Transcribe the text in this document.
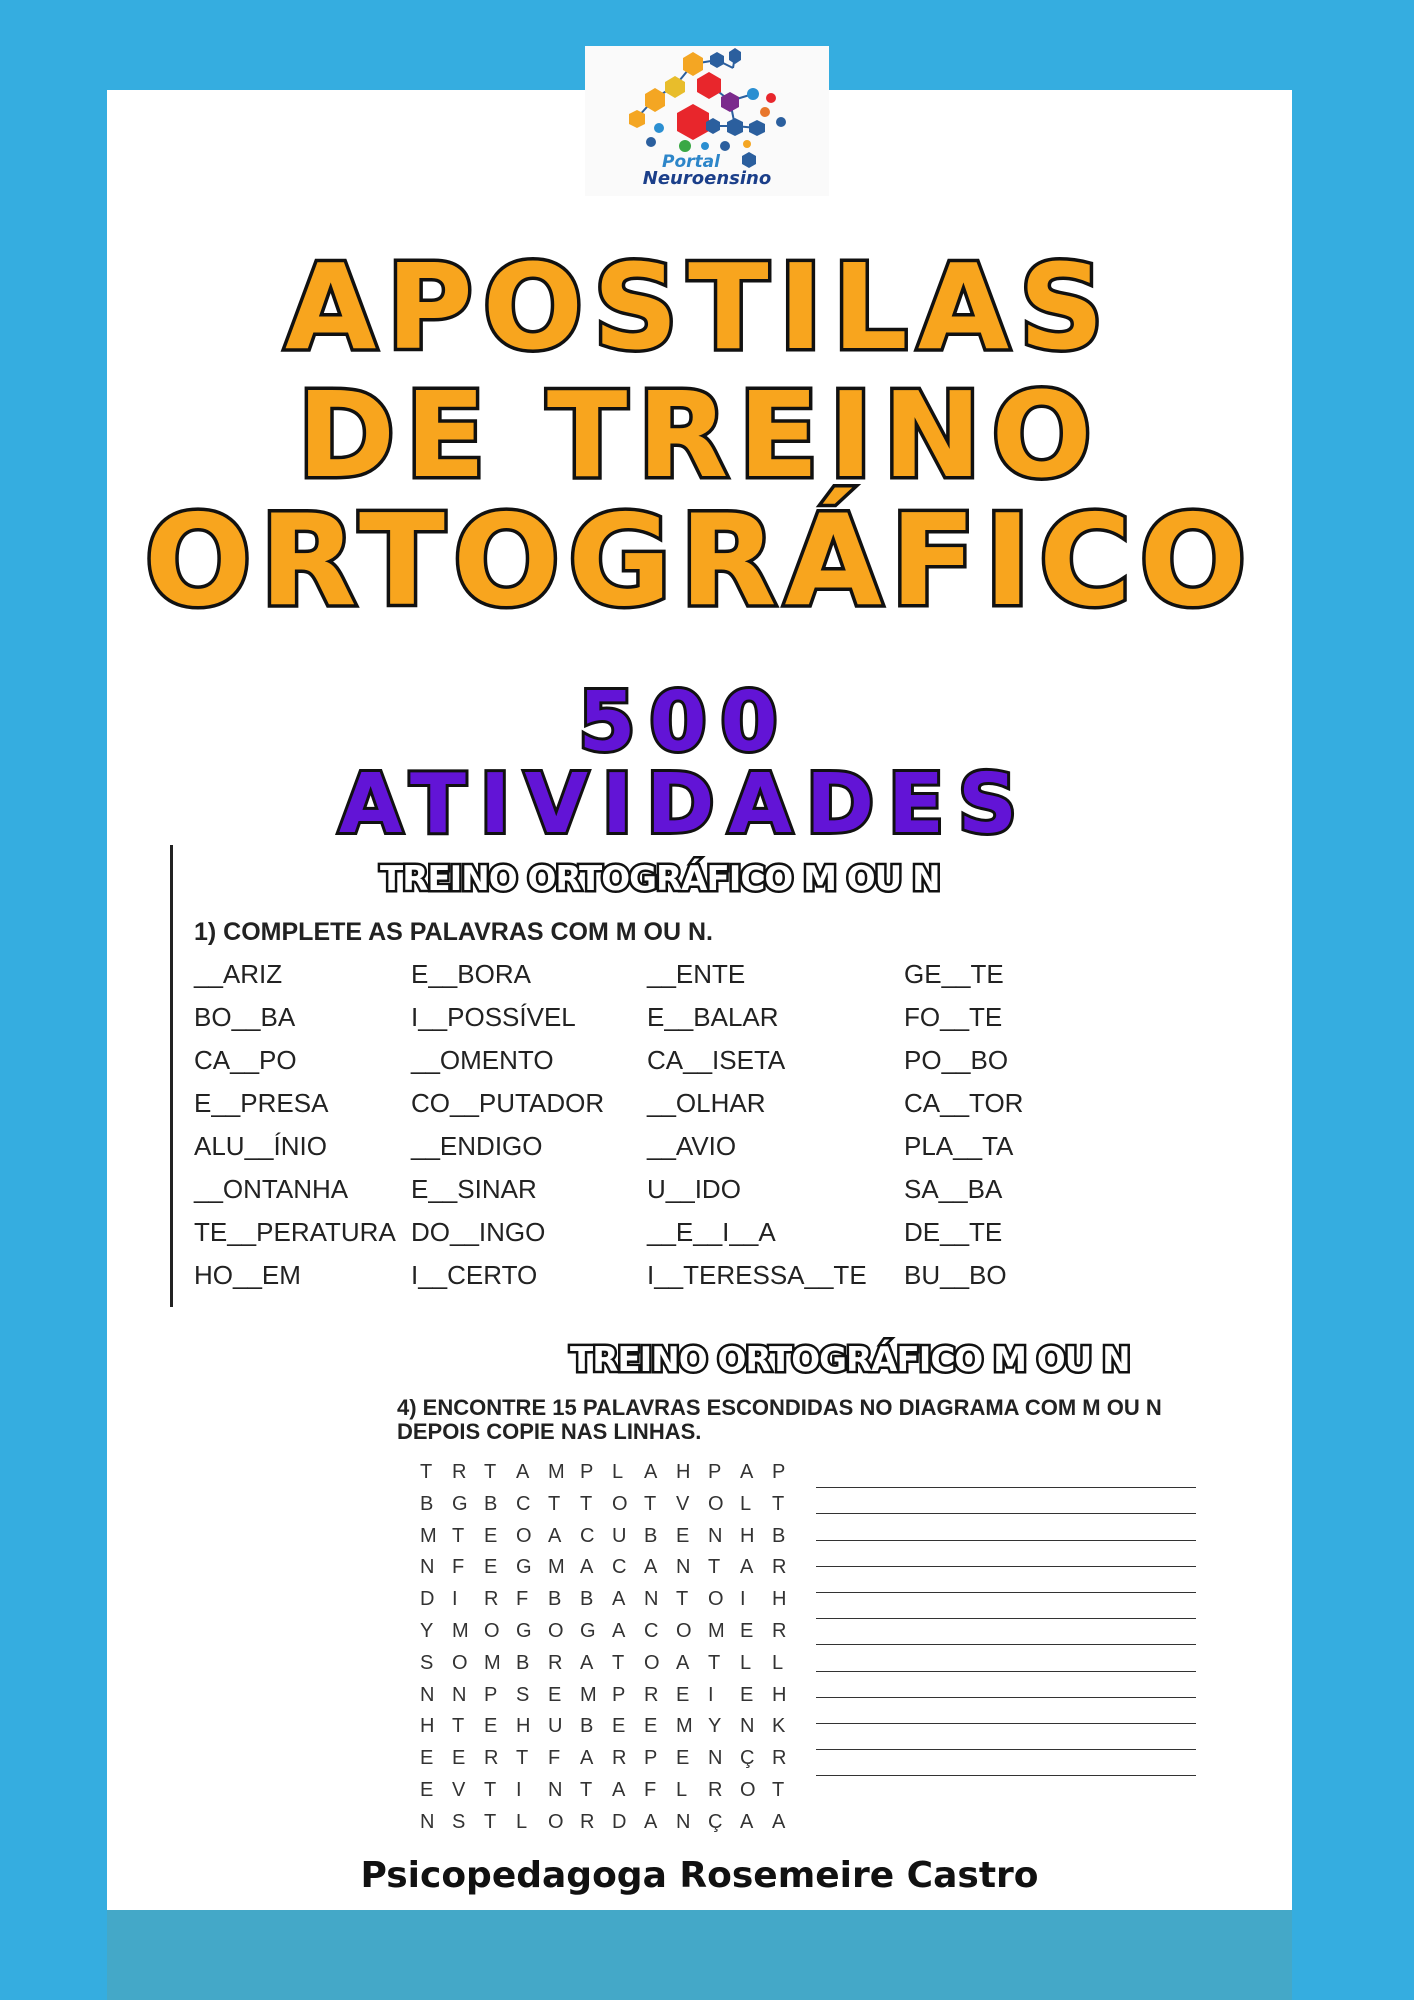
Portal
Neuroensino
APOSTILAS
DE TREINO
ORTOGRÁFICO
500 ATIVIDADES
TREINO ORTOGRÁFICO M OU N
1) COMPLETE AS PALAVRAS COM M OU N.
__ARIZ	E__BORA	__ENTE	GE__TE
BO__BA	I__POSSÍVEL	E__BALAR	FO__TE
CA__PO	__OMENTO	CA__ISETA	PO__BO
E__PRESA	CO__PUTADOR	__OLHAR	CA__TOR
ALU__ÍNIO	__ENDIGO	__AVIO	PLA__TA
__ONTANHA	E__SINAR	U__IDO	SA__BA
TE__PERATURA DO__INGO	__E__I__A	DE__TE
HO__EM	I__CERTO	I__TERESSA__TE	BU__BO
TREINO ORTOGRÁFICO M OU N
4) ENCONTRE 15 PALAVRAS ESCONDIDAS NO DIAGRAMA COM M OU N
DEPOIS COPIE NAS LINHAS.
T R T A M P L	A H P A P
B G B C T T O T V O L	T
M T E O A C U B E N H B
N F E G M A C A N T A R
D I	R F B B A N T O I	H
Y M O G O G A C O M E R
S O M B R A T O A T L	L
N N P S E M P R E I	E H
H T E H U B E E M Y N K
E E R T F A R P E N Ç R
E V T I	N T A F L	R O T
N S T L	O R D A N Ç A A
Psicopedagoga Rosemeire Castro
